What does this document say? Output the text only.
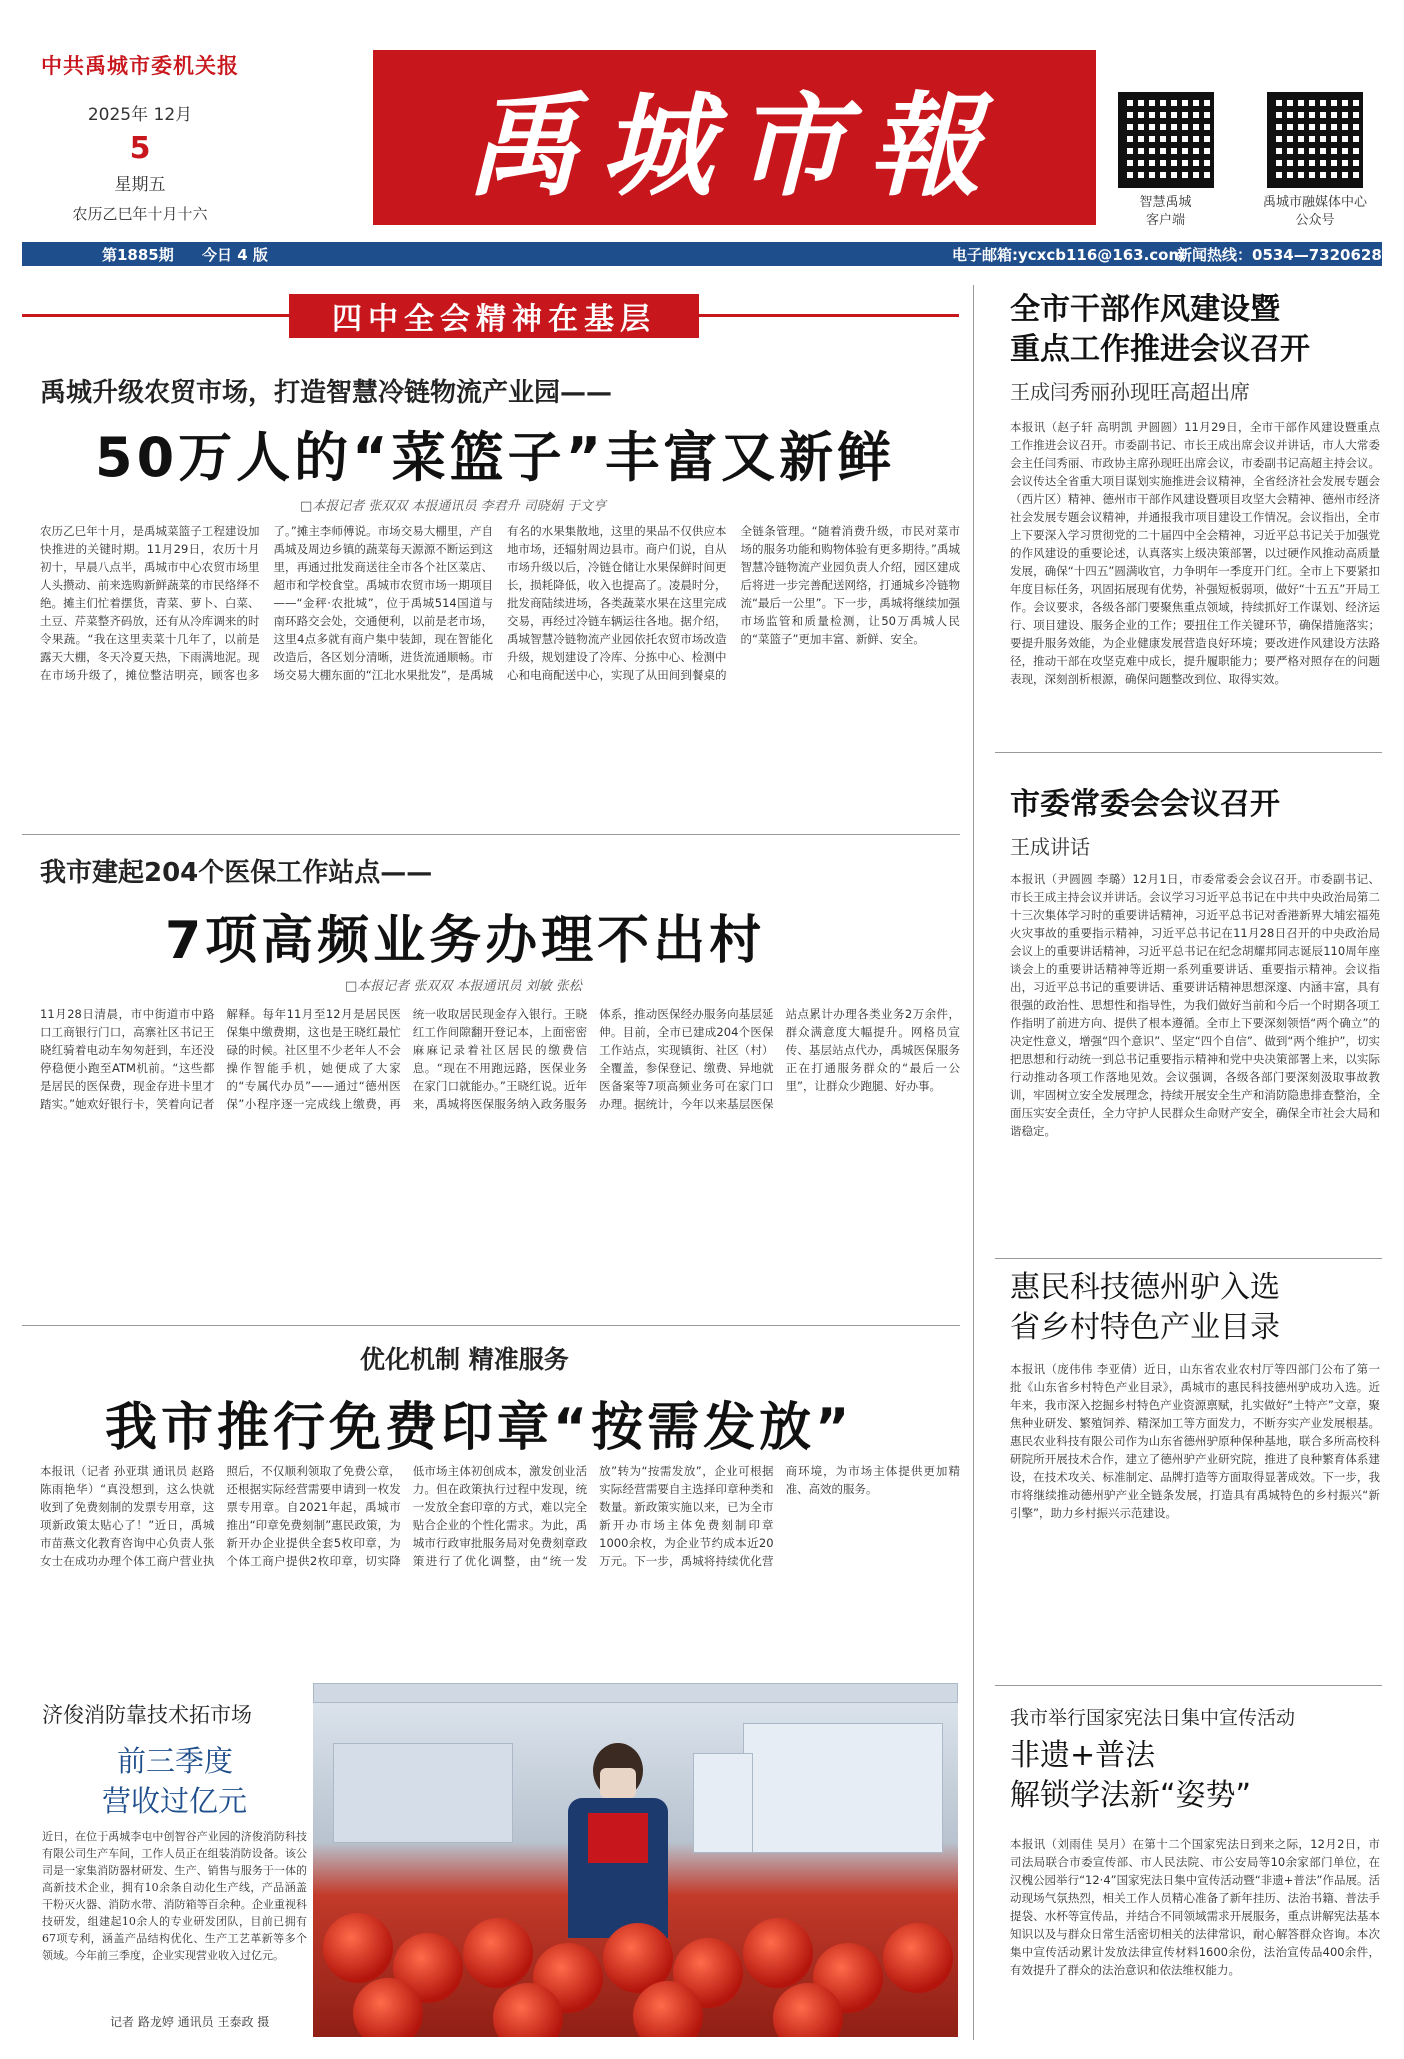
中共禹城市委机关报
2025年 12月
5
星期五
农历乙巳年十月十六
禹城市報	智慧禹城
客户端
禹城市融媒体中心
公众号
第1885期 今日 4 版	电子邮箱:ycxcb116@163.com
新闻热线：0534—7320628
四中全会精神在基层
禹城升级农贸市场，打造智慧冷链物流产业园——
50万人的“菜篮子”丰富又新鲜
□本报记者 张双双 本报通讯员 李君升 司晓娟 于文亨
农历乙巳年十月，是禹城菜篮子工程建设加快推进的关键时期。11月29日，农历十月初十，早晨八点半，禹城市中心农贸市场里人头攒动、前来选购新鲜蔬菜的市民络绎不绝。摊主们忙着摆货，青菜、萝卜、白菜、土豆、芹菜整齐码放，还有从冷库调来的时令果蔬。“我在这里卖菜十几年了，以前是露天大棚，冬天冷夏天热，下雨满地泥。现在市场升级了，摊位整洁明亮，顾客也多了。”摊主李师傅说。市场交易大棚里，产自禹城及周边乡镇的蔬菜每天源源不断运到这里，再通过批发商送往全市各个社区菜店、超市和学校食堂。禹城市农贸市场一期项目——“金秤·农批城”，位于禹城514国道与南环路交会处，交通便利，以前是老市场，这里4点多就有商户集中装卸，现在智能化改造后，各区划分清晰，进货流通顺畅。市场交易大棚东面的“江北水果批发”，是禹城有名的水果集散地，这里的果品不仅供应本地市场，还辐射周边县市。商户们说，自从市场升级以后，冷链仓储让水果保鲜时间更长，损耗降低，收入也提高了。凌晨时分，批发商陆续进场，各类蔬菜水果在这里完成交易，再经过冷链车辆运往各地。据介绍，禹城智慧冷链物流产业园依托农贸市场改造升级，规划建设了冷库、分拣中心、检测中心和电商配送中心，实现了从田间到餐桌的全链条管理。“随着消费升级，市民对菜市场的服务功能和购物体验有更多期待。”禹城智慧冷链物流产业园负责人介绍，园区建成后将进一步完善配送网络，打通城乡冷链物流“最后一公里”。下一步，禹城将继续加强市场监管和质量检测，让50万禹城人民的“菜篮子”更加丰富、新鲜、安全。
我市建起204个医保工作站点——
7项高频业务办理不出村
□本报记者 张双双 本报通讯员 刘敏 张松
11月28日清晨，市中街道市中路口工商银行门口，高寨社区书记王晓红骑着电动车匆匆赶到，车还没停稳便小跑至ATM机前。“这些都是居民的医保费，现金存进卡里才踏实。”她欢好银行卡，笑着向记者解释。每年11月至12月是居民医保集中缴费期，这也是王晓红最忙碌的时候。社区里不少老年人不会操作智能手机，她便成了大家的“专属代办员”——通过“德州医保”小程序逐一完成线上缴费，再统一收取居民现金存入银行。王晓红工作间隙翻开登记本，上面密密麻麻记录着社区居民的缴费信息。“现在不用跑远路，医保业务在家门口就能办。”王晓红说。近年来，禹城将医保服务纳入政务服务体系，推动医保经办服务向基层延伸。目前，全市已建成204个医保工作站点，实现镇街、社区（村）全覆盖，参保登记、缴费、异地就医备案等7项高频业务可在家门口办理。据统计，今年以来基层医保站点累计办理各类业务2万余件，群众满意度大幅提升。网格员宣传、基层站点代办，禹城医保服务正在打通服务群众的“最后一公里”，让群众少跑腿、好办事。
优化机制 精准服务
我市推行免费印章“按需发放”
本报讯（记者 孙亚琪 通讯员 赵路 陈雨艳华）“真没想到，这么快就收到了免费刻制的发票专用章，这项新政策太贴心了！”近日，禹城市苗燕文化教育咨询中心负责人张女士在成功办理个体工商户营业执照后，不仅顺利领取了免费公章，还根据实际经营需要申请到一枚发票专用章。自2021年起，禹城市推出“印章免费刻制”惠民政策，为新开办企业提供全套5枚印章，为个体工商户提供2枚印章，切实降低市场主体初创成本，激发创业活力。但在政策执行过程中发现，统一发放全套印章的方式，难以完全贴合企业的个性化需求。为此，禹城市行政审批服务局对免费刻章政策进行了优化调整，由“统一发放”转为“按需发放”，企业可根据实际经营需要自主选择印章种类和数量。新政策实施以来，已为全市新开办市场主体免费刻制印章1000余枚，为企业节约成本近20万元。下一步，禹城将持续优化营商环境，为市场主体提供更加精准、高效的服务。
济俊消防靠技术拓市场
前三季度
营收过亿元
近日，在位于禹城李屯中创智谷产业园的济俊消防科技有限公司生产车间，工作人员正在组装消防设备。该公司是一家集消防器材研发、生产、销售与服务于一体的高新技术企业，拥有10余条自动化生产线，产品涵盖干粉灭火器、消防水带、消防箱等百余种。企业重视科技研发，组建起10余人的专业研发团队，目前已拥有67项专利，涵盖产品结构优化、生产工艺革新等多个领域。今年前三季度，企业实现营业收入过亿元。
记者 路龙婷 通讯员 王泰政 摄
全市干部作风建设暨
重点工作推进会议召开
王成闫秀丽孙现旺高超出席
本报讯（赵子轩 高明凯 尹圆圆）11月29日，全市干部作风建设暨重点工作推进会议召开。市委副书记、市长王成出席会议并讲话，市人大常委会主任闫秀丽、市政协主席孙现旺出席会议，市委副书记高超主持会议。会议传达全省重大项目谋划实施推进会议精神，全省经济社会发展专题会（西片区）精神、德州市干部作风建设暨项目攻坚大会精神、德州市经济社会发展专题会议精神，并通报我市项目建设工作情况。会议指出，全市上下要深入学习贯彻党的二十届四中全会精神，习近平总书记关于加强党的作风建设的重要论述，认真落实上级决策部署，以过硬作风推动高质量发展，确保“十四五”圆满收官，力争明年一季度开门红。全市上下要紧扣年度目标任务，巩固拓展现有优势，补强短板弱项，做好“十五五”开局工作。会议要求，各级各部门要聚焦重点领域，持续抓好工作谋划、经济运行、项目建设、服务企业的工作；要扭住工作关键环节，确保措施落实；要提升服务效能，为企业健康发展营造良好环境；要改进作风建设方法路径，推动干部在攻坚克难中成长，提升履职能力；要严格对照存在的问题表现，深刻剖析根源，确保问题整改到位、取得实效。
市委常委会会议召开
王成讲话
本报讯（尹圆圆 李璐）12月1日，市委常委会会议召开。市委副书记、市长王成主持会议并讲话。会议学习习近平总书记在中共中央政治局第二十三次集体学习时的重要讲话精神，习近平总书记对香港新界大埔宏福苑火灾事故的重要指示精神，习近平总书记在11月28日召开的中央政治局会议上的重要讲话精神，习近平总书记在纪念胡耀邦同志诞辰110周年座谈会上的重要讲话精神等近期一系列重要讲话、重要指示精神。会议指出，习近平总书记的重要讲话、重要讲话精神思想深邃、内涵丰富，具有很强的政治性、思想性和指导性，为我们做好当前和今后一个时期各项工作指明了前进方向、提供了根本遵循。全市上下要深刻领悟“两个确立”的决定性意义，增强“四个意识”、坚定“四个自信”、做到“两个维护”，切实把思想和行动统一到总书记重要指示精神和党中央决策部署上来，以实际行动推动各项工作落地见效。会议强调，各级各部门要深刻汲取事故教训，牢固树立安全发展理念，持续开展安全生产和消防隐患排查整治，全面压实安全责任，全力守护人民群众生命财产安全，确保全市社会大局和谐稳定。
惠民科技德州驴入选
省乡村特色产业目录
本报讯（庞伟伟 李亚倩）近日，山东省农业农村厅等四部门公布了第一批《山东省乡村特色产业目录》，禹城市的惠民科技德州驴成功入选。近年来，我市深入挖掘乡村特色产业资源禀赋，扎实做好“土特产”文章，聚焦种业研发、繁殖饲养、精深加工等方面发力，不断夯实产业发展根基。惠民农业科技有限公司作为山东省德州驴原种保种基地，联合多所高校科研院所开展技术合作，建立了德州驴产业研究院，推进了良种繁育体系建设，在技术攻关、标准制定、品牌打造等方面取得显著成效。下一步，我市将继续推动德州驴产业全链条发展，打造具有禹城特色的乡村振兴“新引擎”，助力乡村振兴示范建设。
我市举行国家宪法日集中宣传活动
非遗+普法
解锁学法新“姿势”
本报讯（刘雨佳 吴月）在第十二个国家宪法日到来之际，12月2日，市司法局联合市委宣传部、市人民法院、市公安局等10余家部门单位，在汉槐公园举行“12·4”国家宪法日集中宣传活动暨“非遗+普法”作品展。活动现场气氛热烈，相关工作人员精心准备了新年挂历、法治书籍、普法手提袋、水杯等宣传品，并结合不同领域需求开展服务，重点讲解宪法基本知识以及与群众日常生活密切相关的法律常识，耐心解答群众咨询。本次集中宣传活动累计发放法律宣传材料1600余份，法治宣传品400余件，有效提升了群众的法治意识和依法维权能力。
